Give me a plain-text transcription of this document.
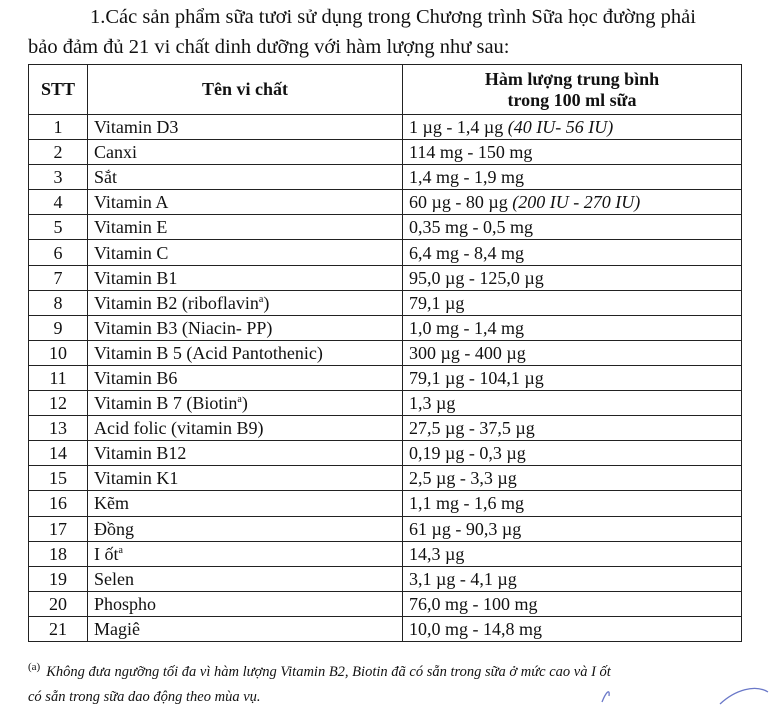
1.Các sản phẩm sữa tươi sử dụng trong Chương trình Sữa học đường phải
bảo đảm đủ 21 vi chất dinh dưỡng với hàm lượng như sau:
STT	Tên vi chất	Hàm lượng trung bình
trong 100 ml sữa
1	Vitamin D3	1 µg - 1,4 µg (40 IU- 56 IU)
2	Canxi	114 mg - 150 mg
3	Sắt	1,4 mg - 1,9 mg
4	Vitamin A	60 µg - 80 µg (200 IU - 270 IU)
5	Vitamin E	0,35 mg - 0,5 mg
6	Vitamin C	6,4 mg - 8,4 mg
7	Vitamin B1	95,0 µg - 125,0 µg
8	Vitamin B2 (riboflavin$^a$)	79,1 µg
9	Vitamin B3 (Niacin- PP)	1,0 mg - 1,4 mg
10	Vitamin B 5 (Acid Pantothenic)	300 µg - 400 µg
11	Vitamin B6	79,1 µg - 104,1 µg
12	Vitamin B 7 (Biotin$^a$)	1,3 µg
13	Acid folic (vitamin B9)	27,5 µg - 37,5 µg
14	Vitamin B12	0,19 µg - 0,3 µg
15	Vitamin K1	2,5 µg - 3,3 µg
16	Kẽm	1,1 mg - 1,6 mg
17	Đồng	61 µg - 90,3 µg
18	I ốt$^a$	14,3 µg
19	Selen	3,1 µg - 4,1 µg
20	Phospho	76,0 mg - 100 mg
21	Magiê	10,0 mg - 14,8 mg
$^{(a)}$ Không đưa ngưỡng tối đa vì hàm lượng Vitamin B2, Biotin đã có sẵn trong sữa ở mức cao và I ốt
có sẵn trong sữa dao động theo mùa vụ.
